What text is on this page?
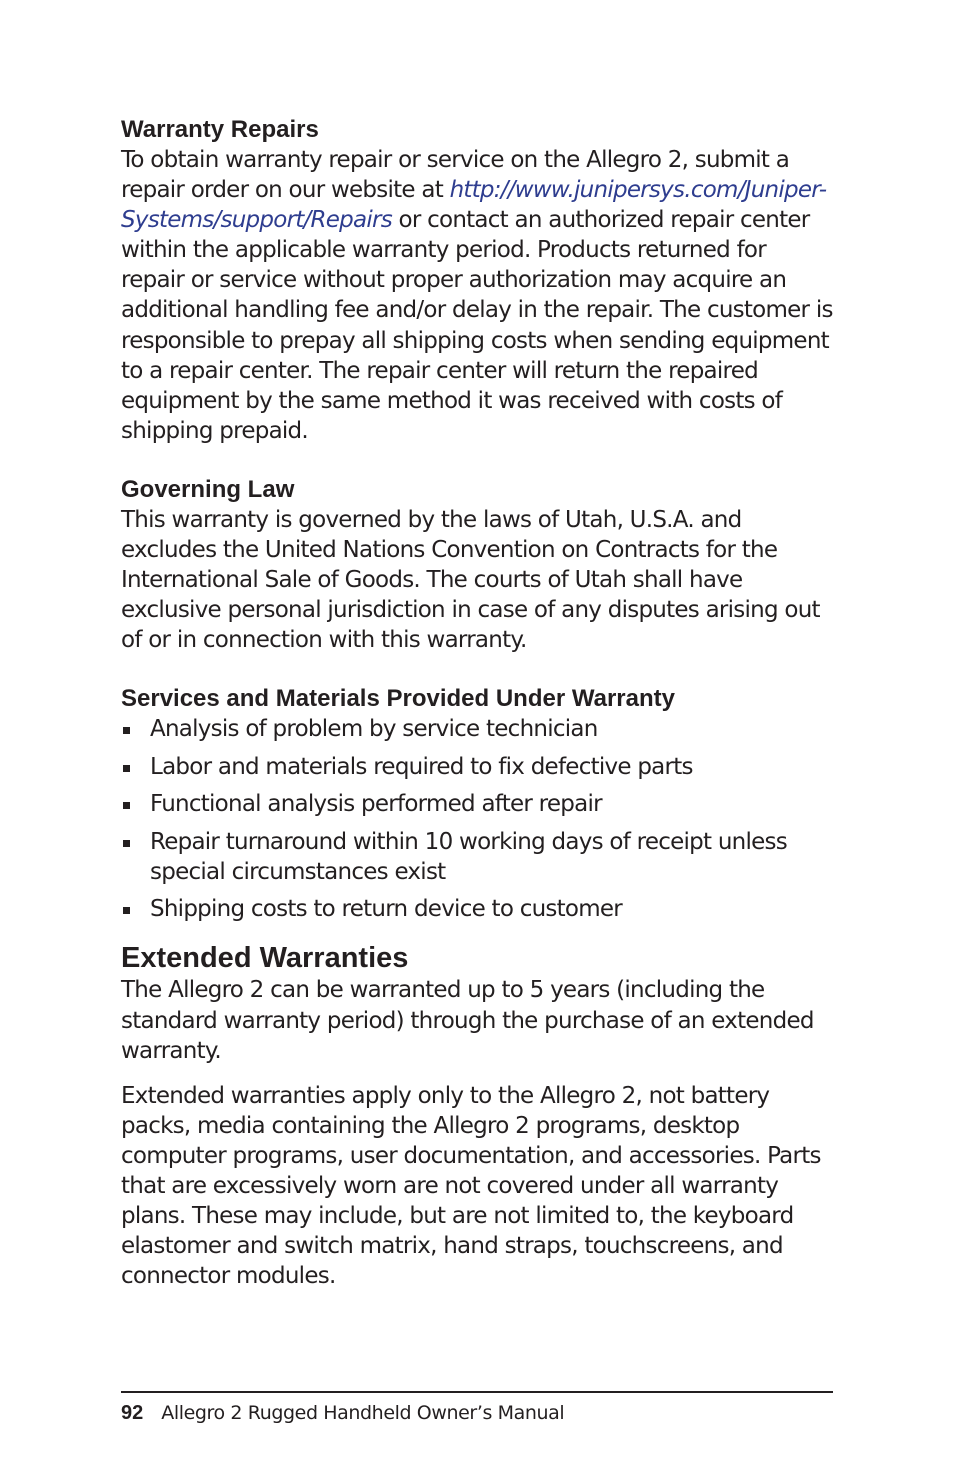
Warranty Repairs

To obtain warranty repair or service on the Allegro 2, submit a repair order on our website at http://www.junipersys.com/Juniper-Systems/support/Repairs or contact an authorized repair center within the applicable warranty period. Products returned for repair or service without proper authorization may acquire an additional handling fee and/or delay in the repair. The customer is responsible to prepay all shipping costs when sending equipment to a repair center. The repair center will return the repaired equipment by the same method it was received with costs of shipping prepaid.

Governing Law

This warranty is governed by the laws of Utah, U.S.A. and excludes the United Nations Convention on Contracts for the International Sale of Goods. The courts of Utah shall have exclusive personal jurisdiction in case of any disputes arising out of or in connection with this warranty.

Services and Materials Provided Under Warranty
Analysis of problem by service technician
Labor and materials required to fix defective parts
Functional analysis performed after repair
Repair turnaround within 10 working days of receipt unless special circumstances exist
Shipping costs to return device to customer
Extended Warranties

The Allegro 2 can be warranted up to 5 years (including the standard warranty period) through the purchase of an extended warranty.

Extended warranties apply only to the Allegro 2, not battery packs, media containing the Allegro 2 programs, desktop computer programs, user documentation, and accessories. Parts that are excessively worn are not covered under all warranty plans. These may include, but are not limited to, the keyboard elastomer and switch matrix, hand straps, touchscreens, and connector modules.

92 Allegro 2 Rugged Handheld Owner’s Manual
